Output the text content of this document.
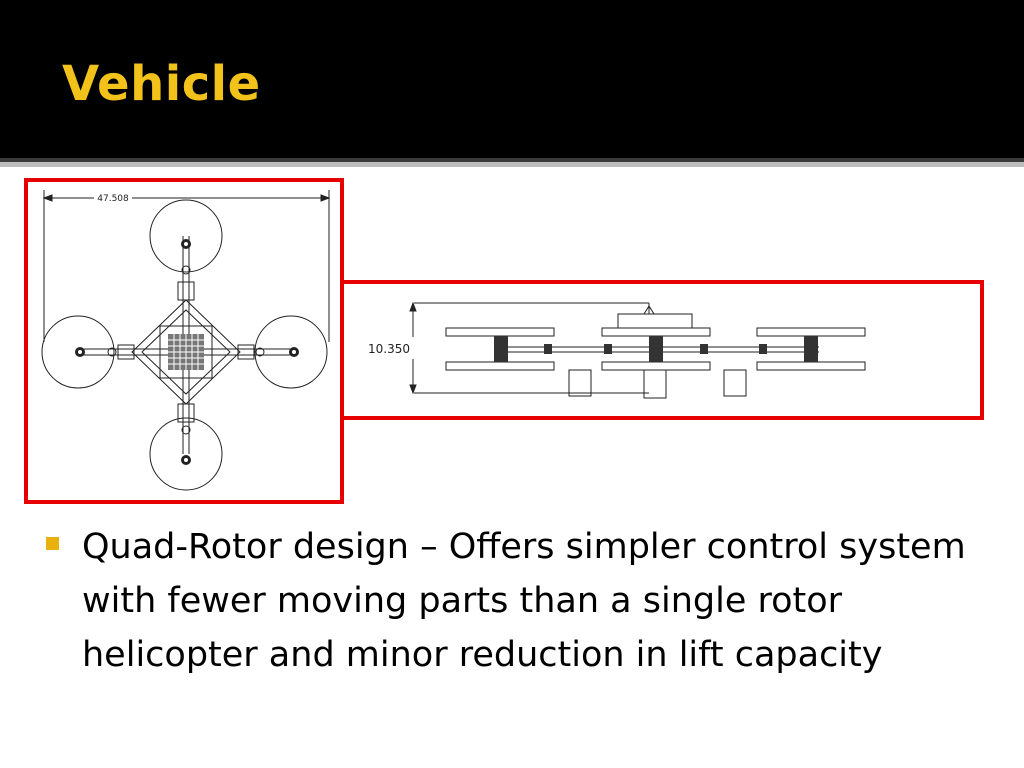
Vehicle
47.508
10.350
Quad-Rotor design – Offers simpler control system with fewer moving parts than a single rotor helicopter and minor reduction in lift capacity
